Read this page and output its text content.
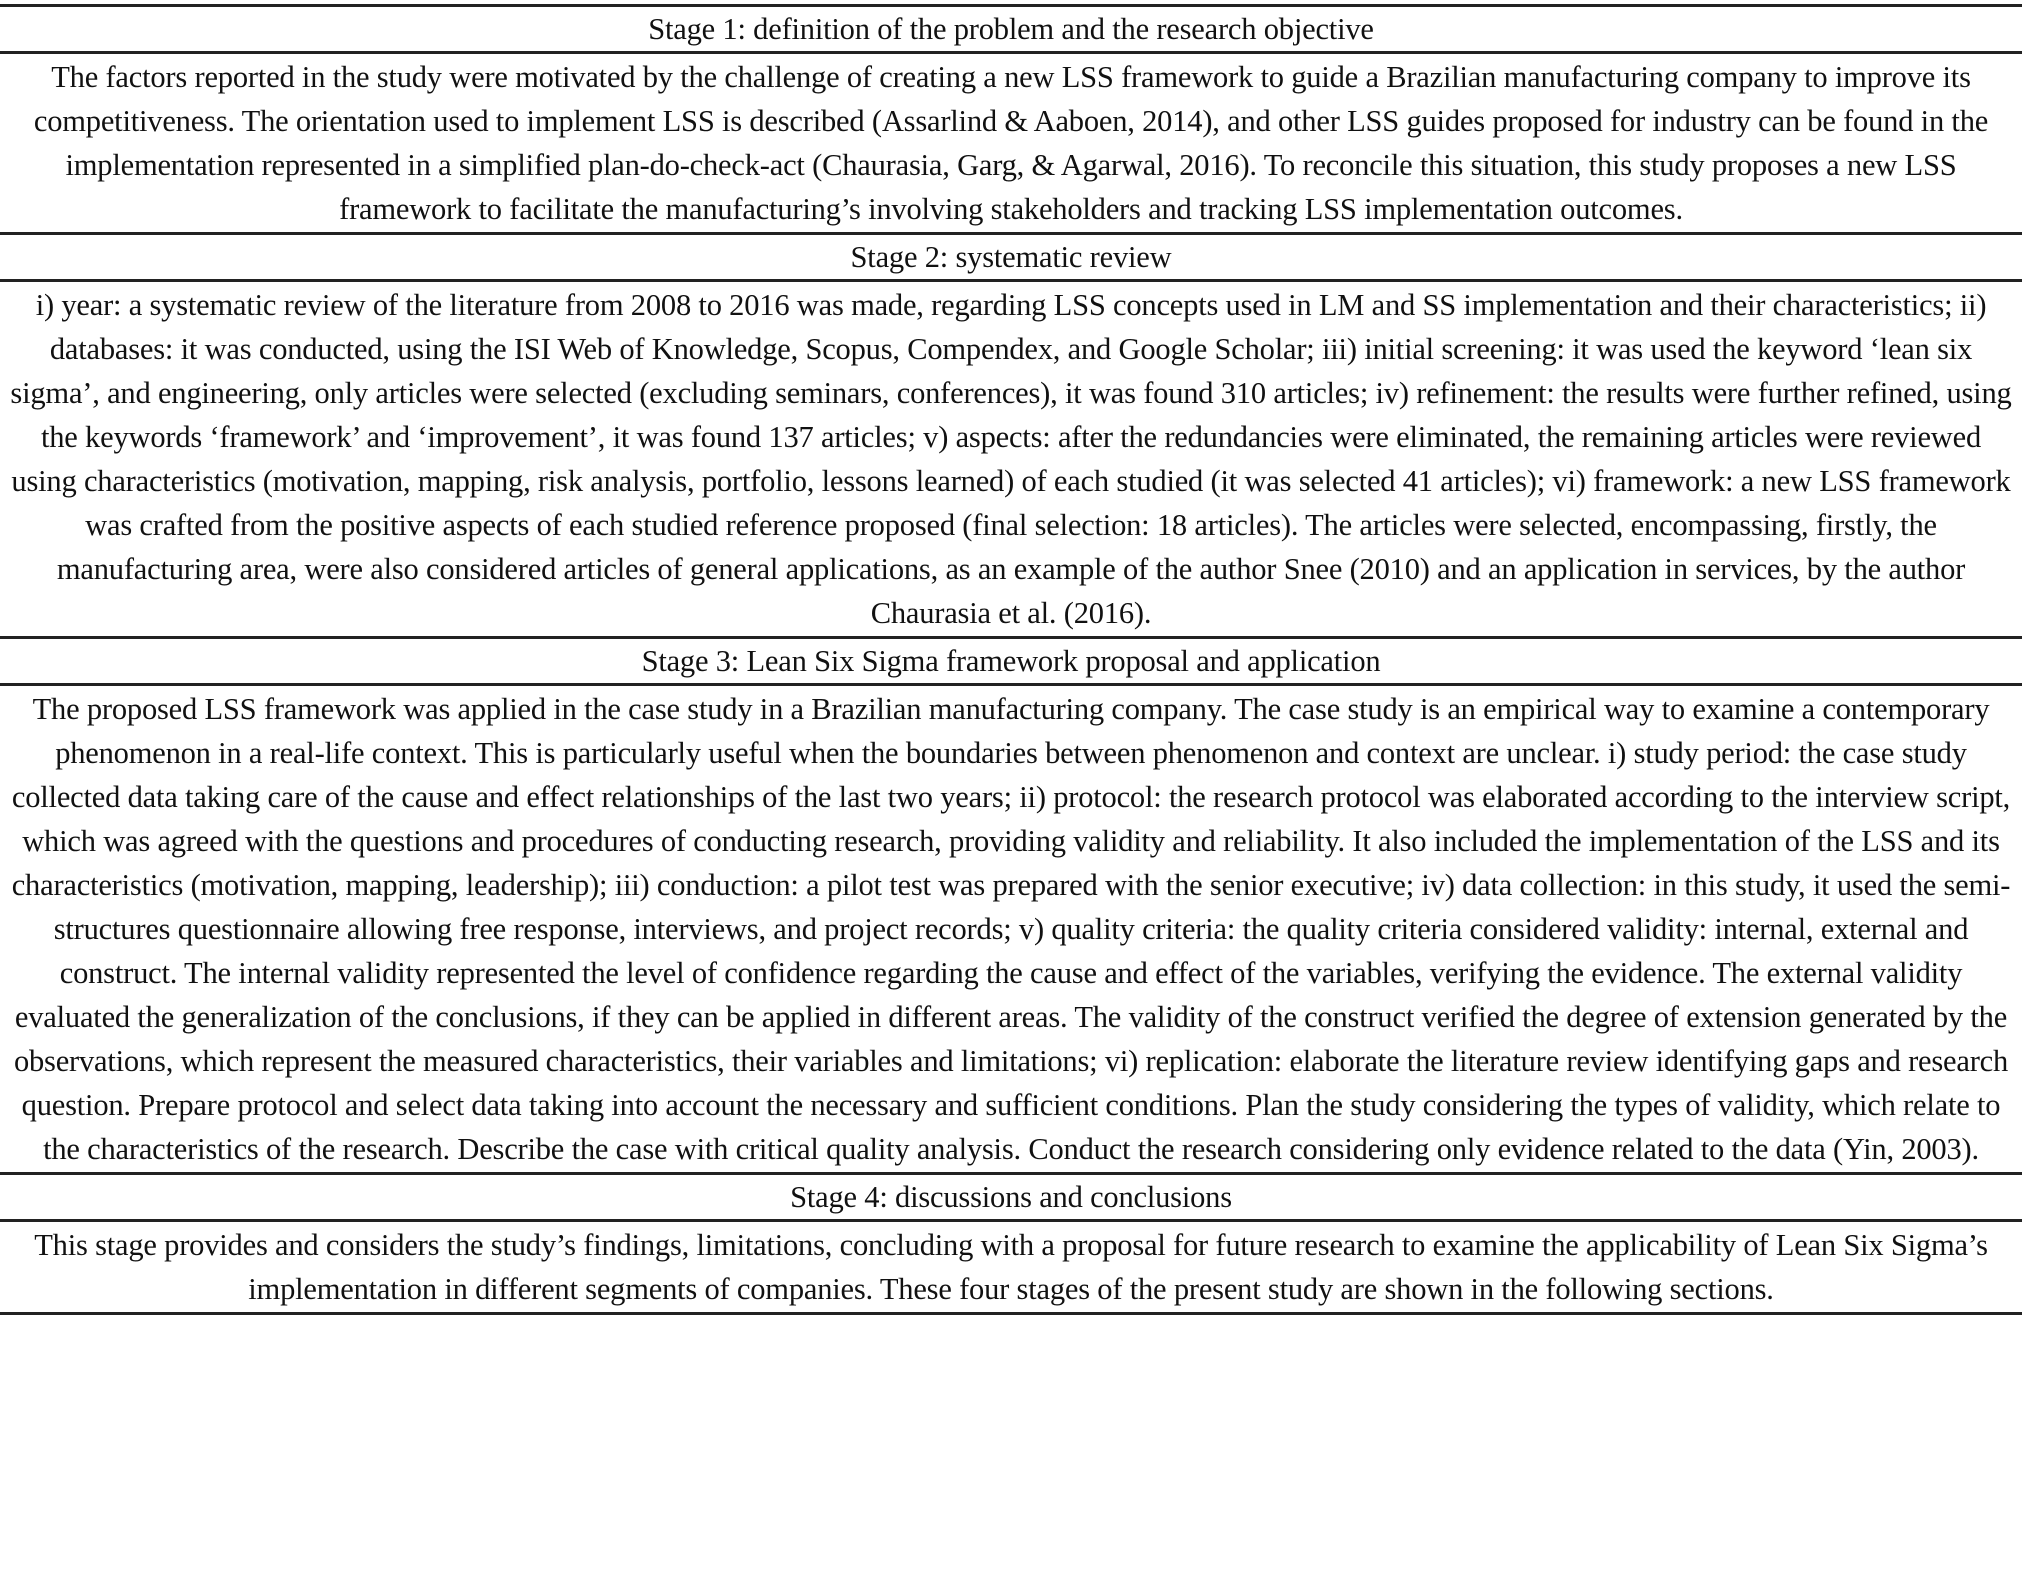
Stage 1: definition of the problem and the research objective
The factors reported in the study were motivated by the challenge of creating a new LSS framework to guide a Brazilian manufacturing company to improve its competitiveness. The orientation used to implement LSS is described (Assarlind & Aaboen, 2014), and other LSS guides proposed for industry can be found in the implementation represented in a simplified plan-do-check-act (Chaurasia, Garg, & Agarwal, 2016). To reconcile this situation, this study proposes a new LSS framework to facilitate the manufacturing’s involving stakeholders and tracking LSS implementation outcomes.
Stage 2: systematic review
i) year: a systematic review of the literature from 2008 to 2016 was made, regarding LSS concepts used in LM and SS implementation and their characteristics; ii) databases: it was conducted, using the ISI Web of Knowledge, Scopus, Compendex, and Google Scholar; iii) initial screening: it was used the keyword ‘lean six sigma’, and engineering, only articles were selected (excluding seminars, conferences), it was found 310 articles; iv) refinement: the results were further refined, using the keywords ‘framework’ and ‘improvement’, it was found 137 articles; v) aspects: after the redundancies were eliminated, the remaining articles were reviewed using characteristics (motivation, mapping, risk analysis, portfolio, lessons learned) of each studied (it was selected 41 articles); vi) framework: a new LSS framework was crafted from the positive aspects of each studied reference proposed (final selection: 18 articles). The articles were selected, encompassing, firstly, the manufacturing area, were also considered articles of general applications, as an example of the author Snee (2010) and an application in services, by the author Chaurasia et al. (2016).
Stage 3: Lean Six Sigma framework proposal and application
The proposed LSS framework was applied in the case study in a Brazilian manufacturing company. The case study is an empirical way to examine a contemporary phenomenon in a real-life context. This is particularly useful when the boundaries between phenomenon and context are unclear. i) study period: the case study collected data taking care of the cause and effect relationships of the last two years; ii) protocol: the research protocol was elaborated according to the interview script, which was agreed with the questions and procedures of conducting research, providing validity and reliability. It also included the implementation of the LSS and its characteristics (motivation, mapping, leadership); iii) conduction: a pilot test was prepared with the senior executive; iv) data collection: in this study, it used the semi-structures questionnaire allowing free response, interviews, and project records; v) quality criteria: the quality criteria considered validity: internal, external and construct. The internal validity represented the level of confidence regarding the cause and effect of the variables, verifying the evidence. The external validity evaluated the generalization of the conclusions, if they can be applied in different areas. The validity of the construct verified the degree of extension generated by the observations, which represent the measured characteristics, their variables and limitations; vi) replication: elaborate the literature review identifying gaps and research question. Prepare protocol and select data taking into account the necessary and sufficient conditions. Plan the study considering the types of validity, which relate to the characteristics of the research. Describe the case with critical quality analysis. Conduct the research considering only evidence related to the data (Yin, 2003).
Stage 4: discussions and conclusions
This stage provides and considers the study’s findings, limitations, concluding with a proposal for future research to examine the applicability of Lean Six Sigma’s implementation in different segments of companies. These four stages of the present study are shown in the following sections.
